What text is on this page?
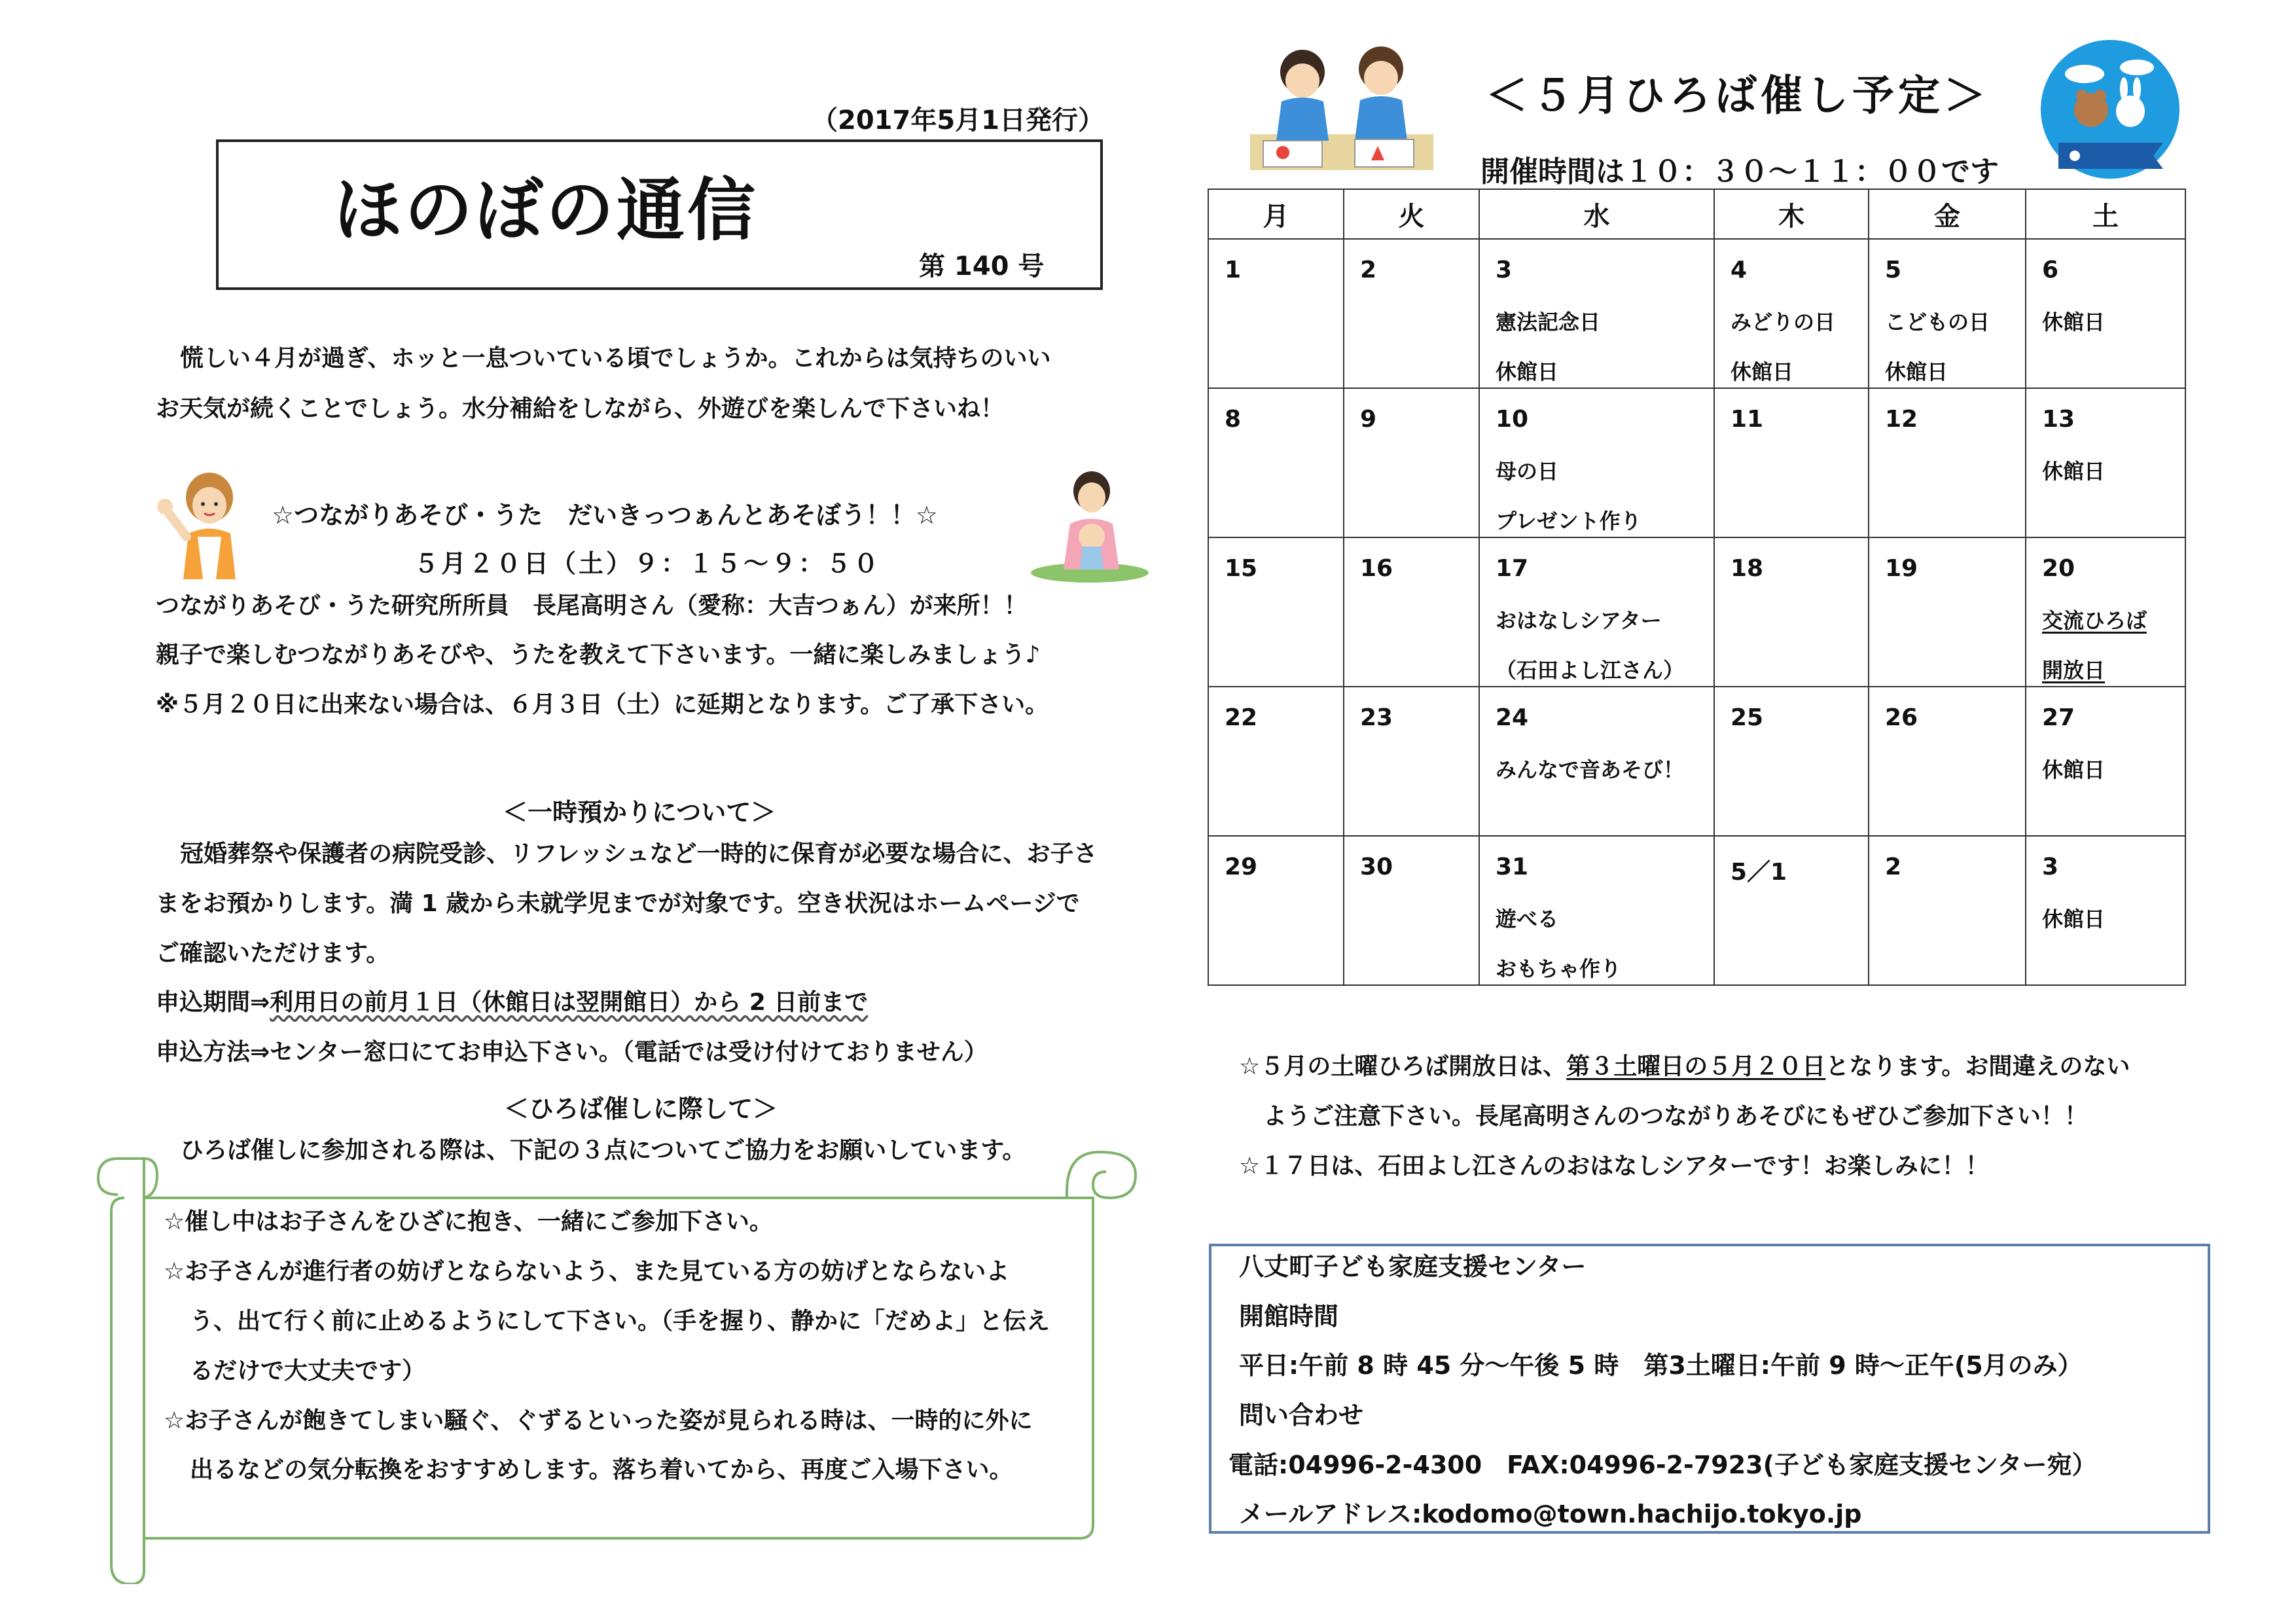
（2017年5月1日発行）
ほのぼの通信
第 140 号
慌しい４月が過ぎ、ホッと一息ついている頃でしょうか。これからは気持ちのいい
お天気が続くことでしょう。水分補給をしながら、外遊びを楽しんで下さいね！
☆つながりあそび・うた　だいきっつぁんとあそぼう！！☆
５月２０日（土）９：１５～９：５０
つながりあそび・うた研究所所員　長尾高明さん（愛称：大吉つぁん）が来所！！
親子で楽しむつながりあそびや、うたを教えて下さいます。一緒に楽しみましょう♪
※５月２０日に出来ない場合は、６月３日（土）に延期となります。ご了承下さい。
＜一時預かりについて＞
冠婚葬祭や保護者の病院受診、リフレッシュなど一時的に保育が必要な場合に、お子さ
まをお預かりします。満 1 歳から未就学児までが対象です。空き状況はホームページで
ご確認いただけます。
申込期間⇒利用日の前月１日（休館日は翌開館日）から 2 日前まで
申込方法⇒センター窓口にてお申込下さい。（電話では受け付けておりません）
＜ひろば催しに際して＞
ひろば催しに参加される際は、下記の３点についてご協力をお願いしています。
☆催し中はお子さんをひざに抱き、一緒にご参加下さい。
☆お子さんが進行者の妨げとならないよう、また見ている方の妨げとならないよ
う、出て行く前に止めるようにして下さい。（手を握り、静かに「だめよ」と伝え
るだけで大丈夫です）
☆お子さんが飽きてしまい騒ぐ、ぐずるといった姿が見られる時は、一時的に外に
出るなどの気分転換をおすすめします。落ち着いてから、再度ご入場下さい。
＜５月ひろば催し予定＞
開催時間は１０：３０～１１：００です
月	火	水	木	金	土

1	2	3
憲法記念日
休館日	4
みどりの日
休館日	5
こどもの日
休館日	6
休館日

8	9	10
母の日
プレゼント作り	11	12	13
休館日

15	16	17
おはなしシアター
（石田よし江さん）	18	19	20
交流ひろば
開放日

22	23	24
みんなで音あそび！	25	26	27
休館日

29	30	31
遊べる
おもちゃ作り	5／1	2	3
休館日
☆５月の土曜ひろば開放日は、第３土曜日の５月２０日となります。お間違えのない
ようご注意下さい。長尾高明さんのつながりあそびにもぜひご参加下さい！！
☆１７日は、石田よし江さんのおはなしシアターです！お楽しみに！！
八丈町子ども家庭支援センター
開館時間
平日:午前 8 時 45 分～午後 5 時　第3土曜日:午前 9 時～正午(5月のみ）
問い合わせ
電話:04996-2-4300　FAX:04996-2-7923(子ども家庭支援センター宛）
メールアドレス:kodomo@town.hachijo.tokyo.jp
